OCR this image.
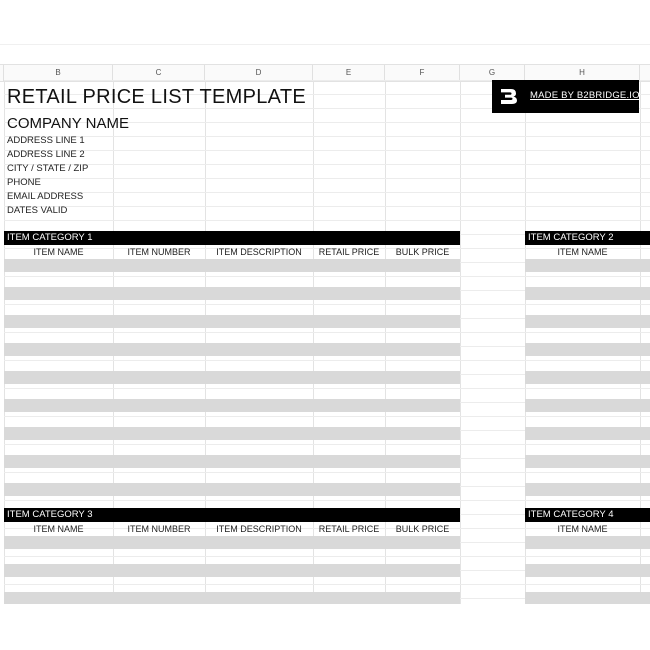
B	C	D	E	F	G	H
RETAIL PRICE LIST TEMPLATE
COMPANY NAME
ADDRESS LINE 1
ADDRESS LINE 2
CITY / STATE / ZIP
PHONE
EMAIL ADDRESS
DATES VALID
MADE BY B2BRIDGE.IO
ITEM CATEGORY 1
ITEM NAME	ITEM NUMBER	ITEM DESCRIPTION	RETAIL PRICE	BULK PRICE
ITEM CATEGORY 2
ITEM NAME
ITEM CATEGORY 3
ITEM NAME	ITEM NUMBER	ITEM DESCRIPTION	RETAIL PRICE	BULK PRICE
ITEM CATEGORY 4
ITEM NAME
